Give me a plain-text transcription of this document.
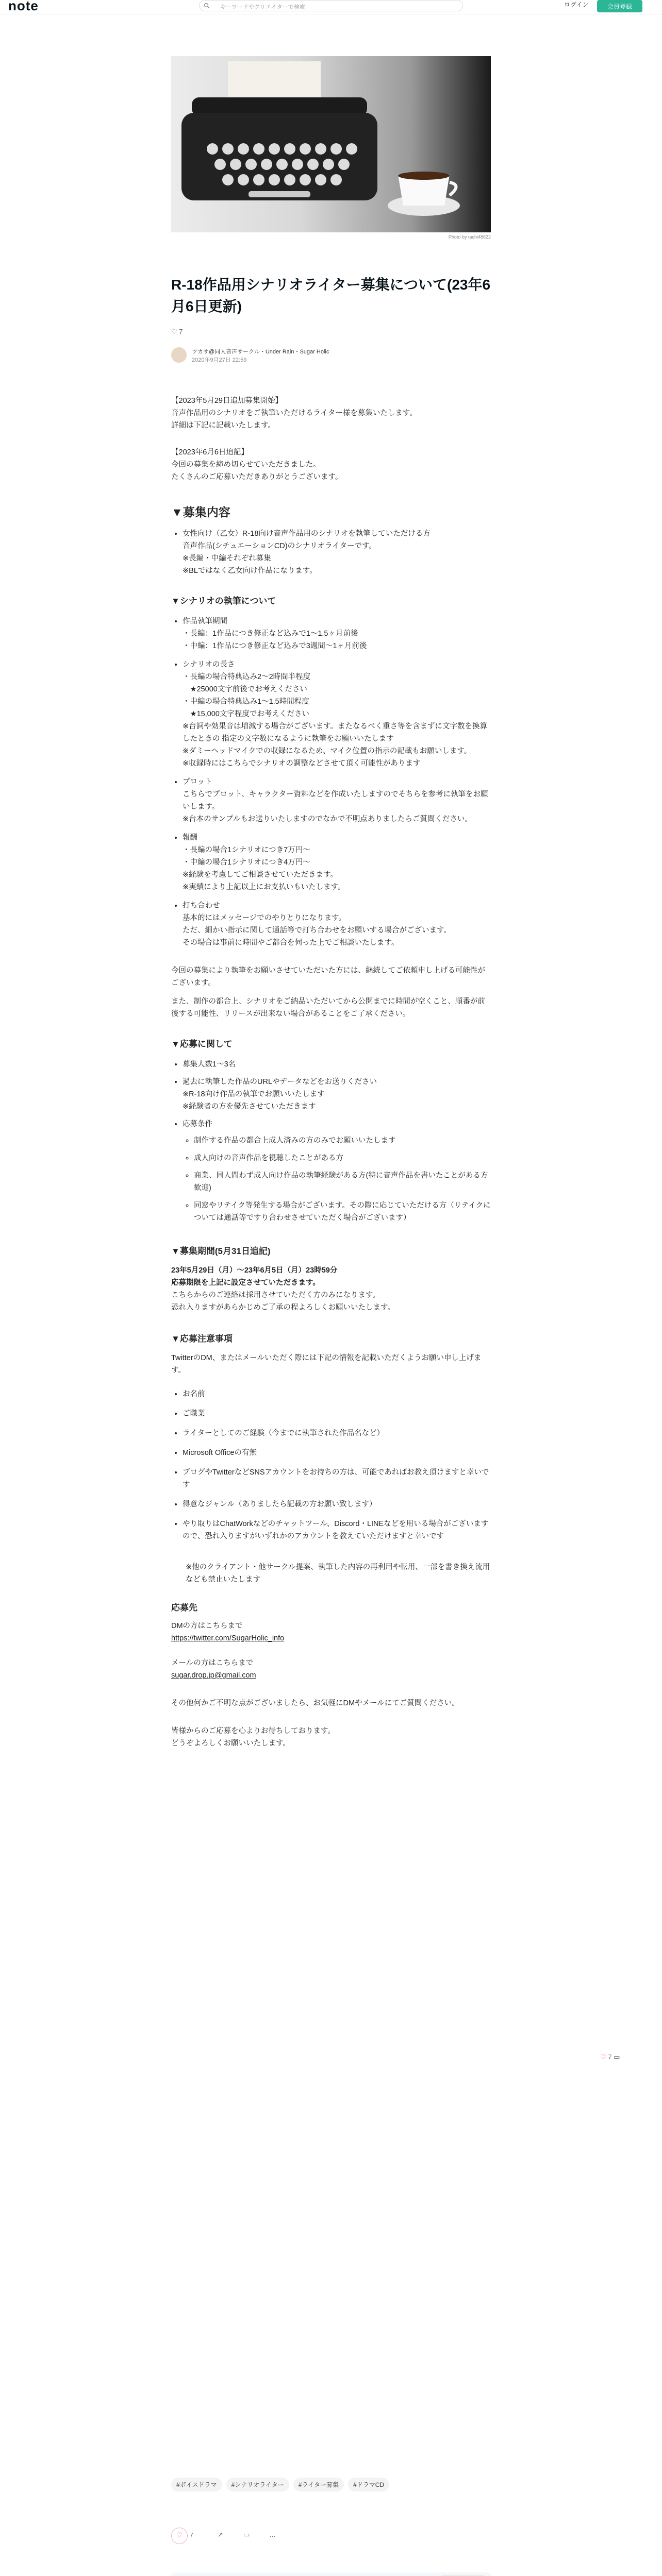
note	キーワードやクリエイターで検索	ログイン	会員登録
Photo by tachi48622
R-18作品用シナリオライター募集について(23年6月6日更新)
♡ 7
ツカサ@同人音声サークル・Under Rain・Sugar Holic
2020年9月27日 22:59

【2023年5月29日追加募集開始】

音声作品用のシナリオをご執筆いただけるライター様を募集いたします。

詳細は下記に記載いたします。

【2023年6月6日追記】

今回の募集を締め切らせていただきました。

たくさんのご応募いただきありがとうございます。

▼募集内容
• 女性向け（乙女）R-18向け音声作品用のシナリオを執筆していただける方
音声作品(シチュエーションCD)のシナリオライターです。
※長編・中編それぞれ募集
※BLではなく乙女向け作品になります。
▼シナリオの執筆について
• 作品執筆期間
・長編：1作品につき修正など込みで1〜1.5ヶ月前後
・中編：1作品につき修正など込みで3週間〜1ヶ月前後
• シナリオの長さ
・長編の場合特典込み2〜2時間半程度
　★25000文字前後でお考えください
・中編の場合特典込み1〜1.5時間程度
　★15,000文字程度でお考えください
※台詞や効果音は増減する場合がございます。またなるべく重さ等を含まずに文字数を換算したときの 指定の文字数になるように執筆をお願いいたします
※ダミーヘッドマイクでの収録になるため、マイク位置の指示の記載もお願いします。
※収録時にはこちらでシナリオの調整などさせて頂く可能性があります
• プロット
こちらでプロット、キャラクター資料などを作成いたしますのでそちらを参考に執筆をお願いします。
※台本のサンプルもお送りいたしますのでなかで不明点ありましたらご質問ください。
• 報酬
・長編の場合1シナリオにつき7万円〜
・中編の場合1シナリオにつき4万円〜
※経験を考慮してご相談させていただきます。
※実績により上記以上にお支払いもいたします。
• 打ち合わせ
基本的にはメッセージでのやりとりになります。
ただ、細かい指示に関して通話等で打ち合わせをお願いする場合がございます。
その場合は事前に時間やご都合を伺った上でご相談いたします。

今回の募集により執筆をお願いさせていただいた方には、継続してご依頼申し上げる可能性がございます。

また、制作の都合上、シナリオをご納品いただいてから公開までに時間が空くこと、順番が前後する可能性、リリースが出来ない場合があることをご了承ください。

▼応募に関して
• 募集人数1〜3名
• 過去に執筆した作品のURLやデータなどをお送りください
※R-18向け作品の執筆でお願いいたします
※経験者の方を優先させていただきます
• 応募条件
◦ 制作する作品の都合上成人済みの方のみでお願いいたします
◦ 成人向けの音声作品を視聴したことがある方
◦ 商業、同人問わず成人向け作品の執筆経験がある方(特に音声作品を書いたことがある方歓迎)
◦ 同窓やリテイク等発生する場合がございます。その際に応じていただける方（リテイクについては通話等ですり合わせさせていただく場合がございます）
▼募集期間(5月31日追記)

23年5月29日（月）〜23年6月5日（月）23時59分

応募期限を上記に設定させていただきます。

こちらからのご連絡は採用させていただく方のみになります。

恐れ入りますがあらかじめご了承の程よろしくお願いいたします。

▼応募注意事項

TwitterのDM、またはメールいただく際には下記の情報を記載いただくようお願い申し上げます。

• お名前
• ご職業
• ライターとしてのご経験（今までに執筆された作品名など）
• Microsoft Officeの有無
• ブログやTwitterなどSNSアカウントをお持ちの方は、可能であればお教え頂けますと幸いです
• 得意なジャンル（ありましたら記載の方お願い致します）
• やり取りはChatWorkなどのチャットツール、Discord・LINEなどを用いる場合がございますので、恐れ入りますがいずれかのアカウントを教えていただけますと幸いです

※他のクライアント・他サークル提案、執筆した内容の再利用や転用、一部を書き換え流用なども禁止いたします

応募先

DMの方はこちらまで

https://twitter.com/SugarHolic_info

メールの方はこちらまで

sugar.drop.jp@gmail.com

その他何かご不明な点がございましたら、お気軽にDMやメールにてご質問ください。

皆様からのご応募を心よりお待ちしております。

どうぞよろしくお願いいたします。

♡ 7 ▭
#ボイスドラマ #シナリオライター #ライター募集 #ドラマCD
♡ 7	↗	▭	…
